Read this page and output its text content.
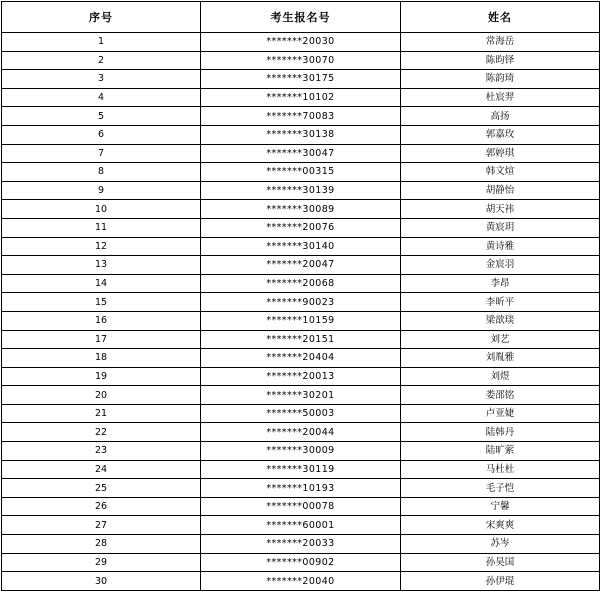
序号	考生报名号	姓名
1	*******20030	常海岳
2	*******30070	陈昀铎
3	*******30175	陈韵琦
4	*******10102	杜宸羿
5	*******70083	高扬
6	*******30138	郭嘉玫
7	*******30047	郭婷琪
8	*******00315	韩文煊
9	*******30139	胡静怡
10	*******30089	胡天祎
11	*******20076	黄宸玥
12	*******30140	黄诗雅
13	*******20047	金宸羽
14	*******20068	李昂
15	*******90023	李昕平
16	*******10159	梁歆琰
17	*******20151	刘艺
18	*******20404	刘胤雅
19	*******20013	刘煜
20	*******30201	娄邵铭
21	*******50003	卢亚婕
22	*******20044	陆韩丹
23	*******30009	陆旷萦
24	*******30119	马杜杜
25	*******10193	毛子恺
26	*******00078	宁馨
27	*******60001	宋爽爽
28	*******20033	苏岑
29	*******00902	孙昊国
30	*******20040	孙伊琨
